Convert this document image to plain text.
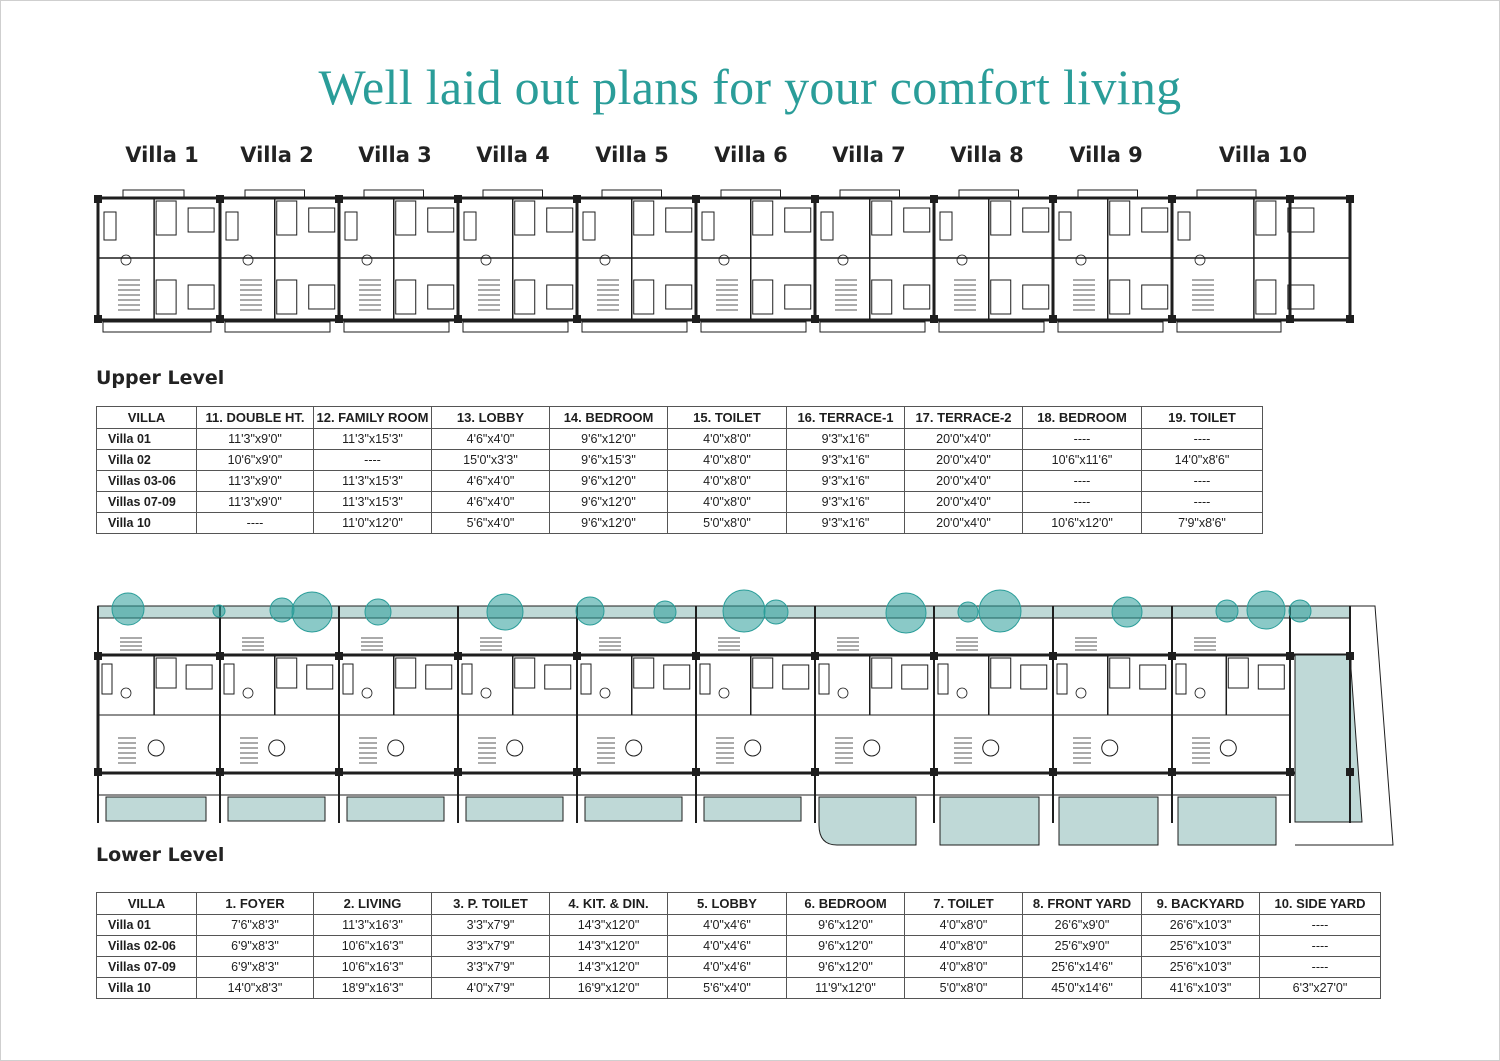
Well laid out plans for your comfort living
Villa 1 Villa 2 Villa 3 Villa 4 Villa 5 Villa 6 Villa 7 Villa 8 Villa 9	Villa 10
Upper Level
VILLA	11. DOUBLE HT.	12. FAMILY ROOM	13. LOBBY	14. BEDROOM	15. TOILET	16. TERRACE-1	17. TERRACE-2	18. BEDROOM	19. TOILET
Villa 01	11'3"x9'0"	11'3"x15'3"	4'6"x4'0"	9'6"x12'0"	4'0"x8'0"	9'3"x1'6"	20'0"x4'0"	----	----
Villa 02	10'6"x9'0"	----	15'0"x3'3"	9'6"x15'3"	4'0"x8'0"	9'3"x1'6"	20'0"x4'0"	10'6"x11'6"	14'0"x8'6"
Villas 03-06	11'3"x9'0"	11'3"x15'3"	4'6"x4'0"	9'6"x12'0"	4'0"x8'0"	9'3"x1'6"	20'0"x4'0"	----	----
Villas 07-09	11'3"x9'0"	11'3"x15'3"	4'6"x4'0"	9'6"x12'0"	4'0"x8'0"	9'3"x1'6"	20'0"x4'0"	----	----
Villa 10	----	11'0"x12'0"	5'6"x4'0"	9'6"x12'0"	5'0"x8'0"	9'3"x1'6"	20'0"x4'0"	10'6"x12'0"	7'9"x8'6"
Lower Level
VILLA	1. FOYER	2. LIVING	3. P. TOILET	4. KIT. & DIN.	5. LOBBY	6. BEDROOM	7. TOILET	8. FRONT YARD	9. BACKYARD	10. SIDE YARD
Villa 01	7'6"x8'3"	11'3"x16'3"	3'3"x7'9"	14'3"x12'0"	4'0"x4'6"	9'6"x12'0"	4'0"x8'0"	26'6"x9'0"	26'6"x10'3"	----
Villas 02-06	6'9"x8'3"	10'6"x16'3"	3'3"x7'9"	14'3"x12'0"	4'0"x4'6"	9'6"x12'0"	4'0"x8'0"	25'6"x9'0"	25'6"x10'3"	----
Villas 07-09	6'9"x8'3"	10'6"x16'3"	3'3"x7'9"	14'3"x12'0"	4'0"x4'6"	9'6"x12'0"	4'0"x8'0"	25'6"x14'6"	25'6"x10'3"	----
Villa 10	14'0"x8'3"	18'9"x16'3"	4'0"x7'9"	16'9"x12'0"	5'6"x4'0"	11'9"x12'0"	5'0"x8'0"	45'0"x14'6"	41'6"x10'3"	6'3"x27'0"
